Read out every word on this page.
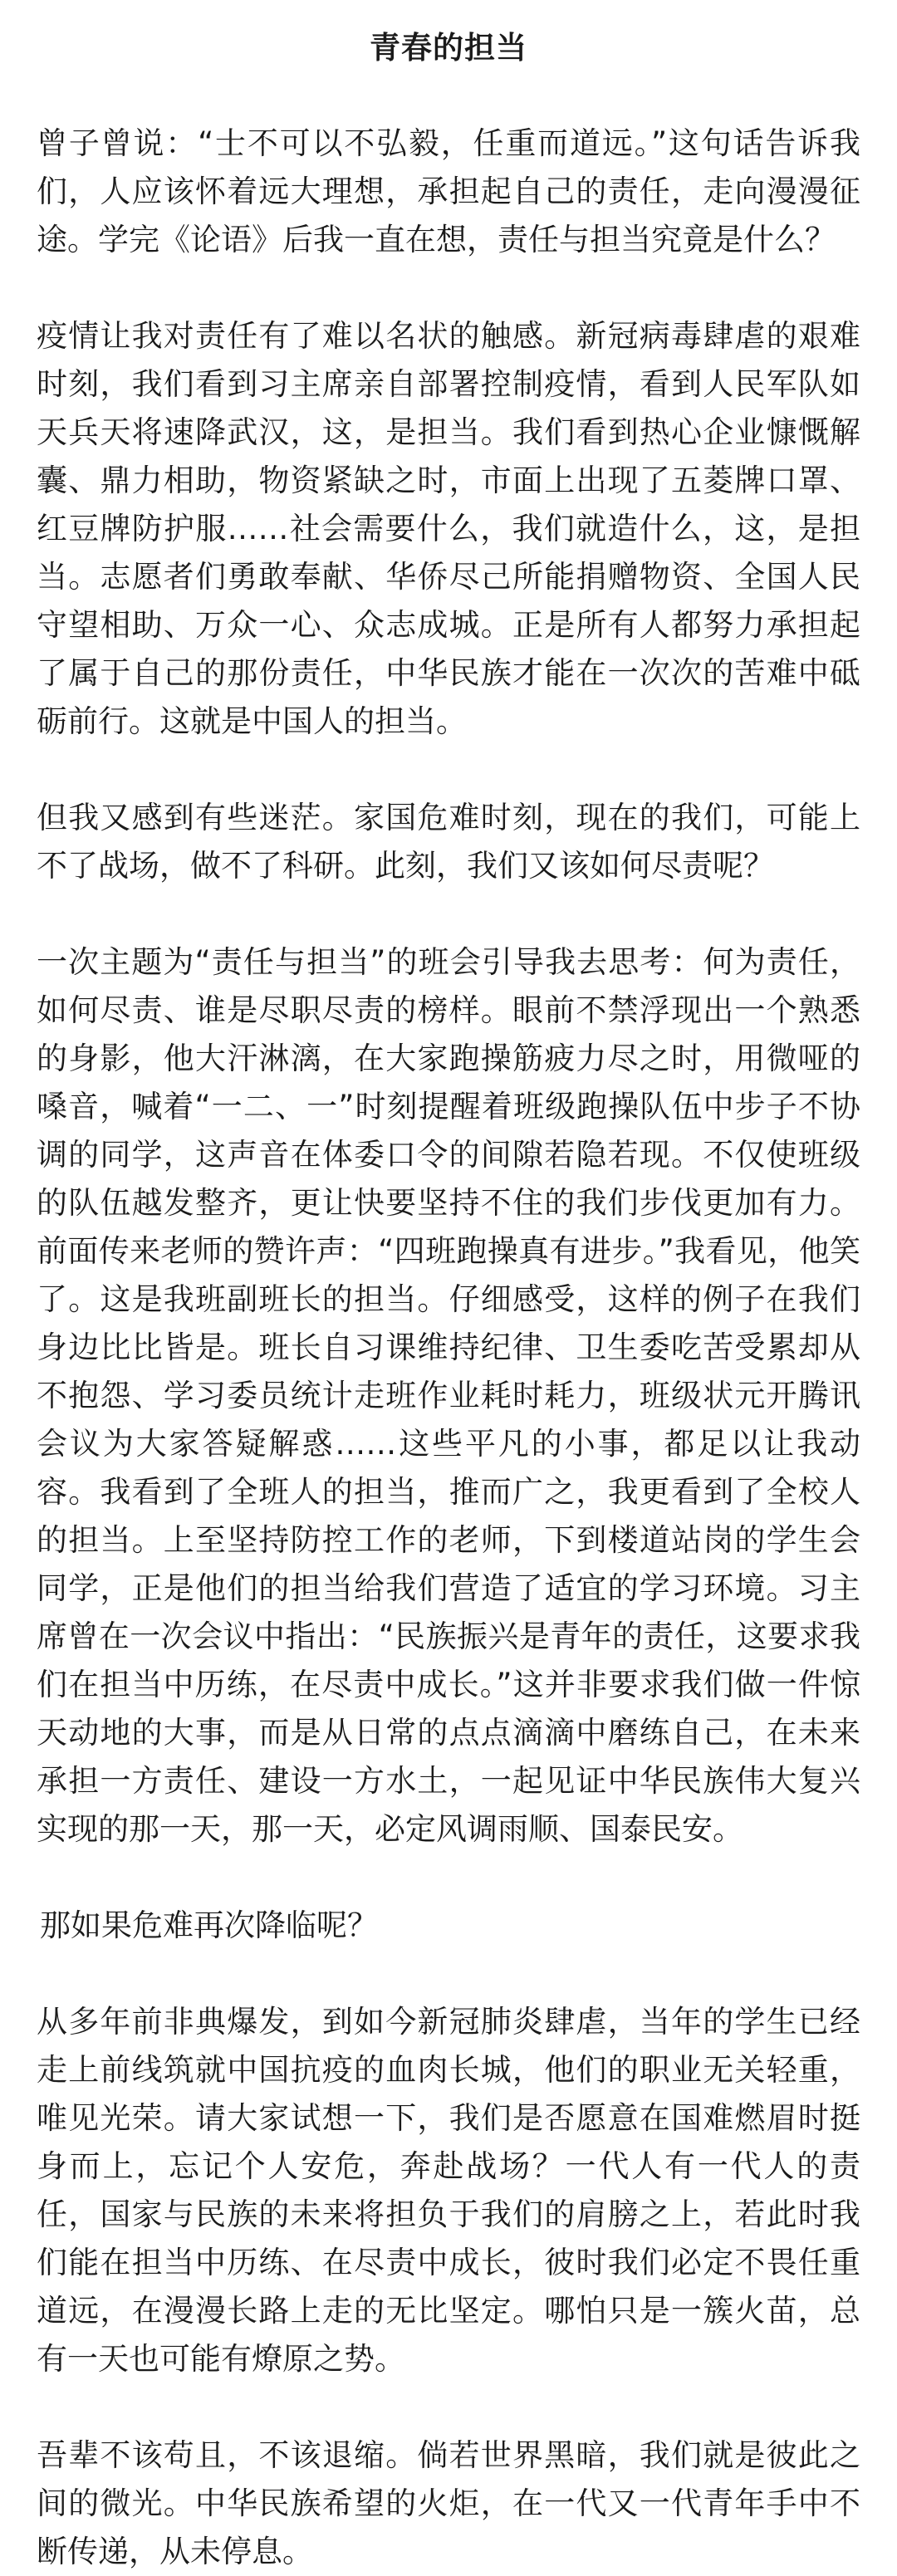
青春的担当

曾子曾说：“士不可以不弘毅，任重而道远。”这句话告诉我们，人应该怀着远大理想，承担起自己的责任，走向漫漫征途。学完《论语》后我一直在想，责任与担当究竟是什么？

疫情让我对责任有了难以名状的触感。新冠病毒肆虐的艰难时刻，我们看到习主席亲自部署控制疫情，看到人民军队如天兵天将速降武汉，这，是担当。我们看到热心企业慷慨解囊、鼎力相助，物资紧缺之时，市面上出现了五菱牌口罩、红豆牌防护服……社会需要什么，我们就造什么，这，是担当。志愿者们勇敢奉献、华侨尽己所能捐赠物资、全国人民守望相助、万众一心、众志成城。正是所有人都努力承担起了属于自己的那份责任，中华民族才能在一次次的苦难中砥砺前行。这就是中国人的担当。

但我又感到有些迷茫。家国危难时刻，现在的我们，可能上不了战场，做不了科研。此刻，我们又该如何尽责呢？

一次主题为“责任与担当”的班会引导我去思考：何为责任，如何尽责、谁是尽职尽责的榜样。眼前不禁浮现出一个熟悉的身影，他大汗淋漓，在大家跑操筋疲力尽之时，用微哑的嗓音，喊着“一二、一”时刻提醒着班级跑操队伍中步子不协调的同学，这声音在体委口令的间隙若隐若现。不仅使班级的队伍越发整齐，更让快要坚持不住的我们步伐更加有力。前面传来老师的赞许声：“四班跑操真有进步。”我看见，他笑了。这是我班副班长的担当。仔细感受，这样的例子在我们身边比比皆是。班长自习课维持纪律、卫生委吃苦受累却从不抱怨、学习委员统计走班作业耗时耗力，班级状元开腾讯会议为大家答疑解惑……这些平凡的小事，都足以让我动容。我看到了全班人的担当，推而广之，我更看到了全校人的担当。上至坚持防控工作的老师，下到楼道站岗的学生会同学，正是他们的担当给我们营造了适宜的学习环境。习主席曾在一次会议中指出：“民族振兴是青年的责任，这要求我们在担当中历练，在尽责中成长。”这并非要求我们做一件惊天动地的大事，而是从日常的点点滴滴中磨练自己，在未来承担一方责任、建设一方水土，一起见证中华民族伟大复兴实现的那一天，那一天，必定风调雨顺、国泰民安。

那如果危难再次降临呢？

从多年前非典爆发，到如今新冠肺炎肆虐，当年的学生已经走上前线筑就中国抗疫的血肉长城，他们的职业无关轻重，唯见光荣。请大家试想一下，我们是否愿意在国难燃眉时挺身而上，忘记个人安危，奔赴战场？一代人有一代人的责任，国家与民族的未来将担负于我们的肩膀之上，若此时我们能在担当中历练、在尽责中成长，彼时我们必定不畏任重道远，在漫漫长路上走的无比坚定。哪怕只是一簇火苗，总有一天也可能有燎原之势。

吾辈不该苟且，不该退缩。倘若世界黑暗，我们就是彼此之间的微光。中华民族希望的火炬，在一代又一代青年手中不断传递，从未停息。
